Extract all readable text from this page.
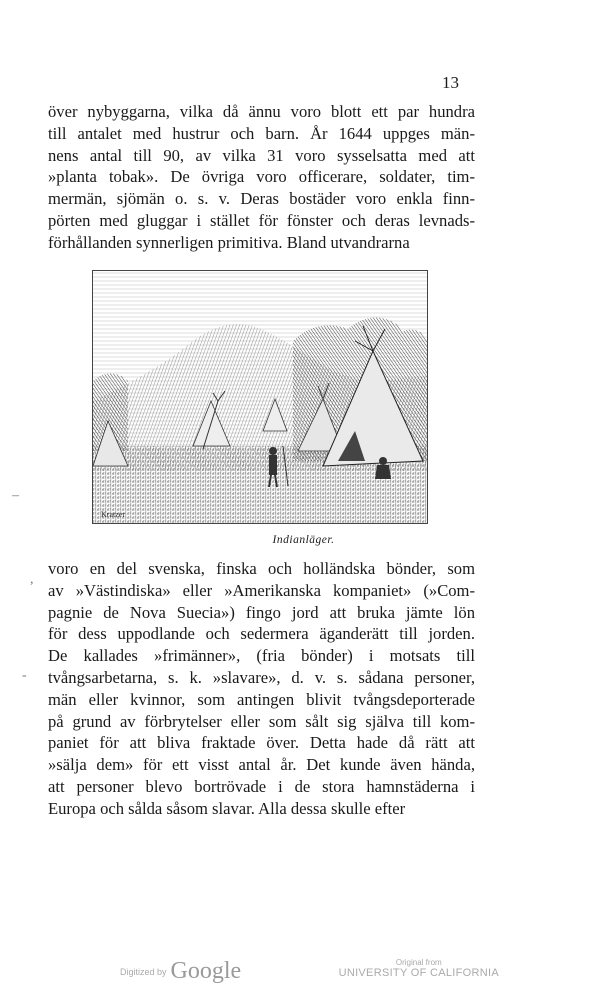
13
över nybyggarna, vilka då ännu voro blott ett par hundra
till antalet med hustrur och barn. År 1644 uppges män-
nens antal till 90, av vilka 31 voro sysselsatta med att
»planta tobak». De övriga voro officerare, soldater, tim-
mermän, sjömän o. s. v. Deras bostäder voro enkla finn-
pörten med gluggar i stället för fönster och deras levnads-
förhållanden synnerligen primitiva. Bland utvandrarna
Kratzer
Indianläger.
voro en del svenska, finska och holländska bönder, som
av »Västindiska» eller »Amerikanska kompaniet» (»Com-
pagnie de Nova Suecia») fingo jord att bruka jämte lön
för dess uppodlande och sedermera äganderätt till jorden.
De kallades »frimänner», (fria bönder) i motsats till
tvångsarbetarna, s. k. »slavare», d. v. s. sådana personer,
män eller kvinnor, som antingen blivit tvångsdeporterade
på grund av förbrytelser eller som sålt sig själva till kom-
paniet för att bliva fraktade över. Detta hade då rätt att
»sälja dem» för ett visst antal år. Det kunde även hända,
att personer blevo bortrövade i de stora hamnstäderna i
Europa och sålda såsom slavar. Alla dessa skulle efter
–
,
-
Digitized by Google	Original from
UNIVERSITY OF CALIFORNIA
